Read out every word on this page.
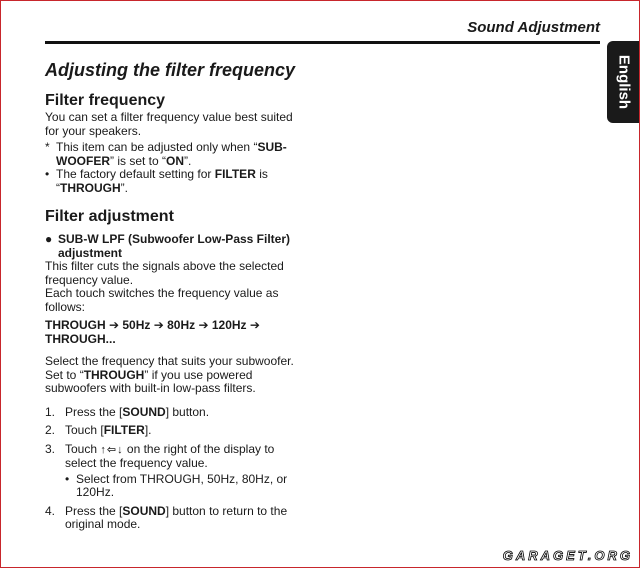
Sound Adjustment
English
Adjusting the filter frequency
Filter frequency

You can set a filter frequency value best suited for your speakers.

* This item can be adjusted only when “SUB-WOOFER” is set to “ON”.
• The factory default setting for FILTER is “THROUGH”.
Filter adjustment
● SUB-W LPF (Subwoofer Low-Pass Filter) adjustment

This filter cuts the signals above the selected frequency value.

Each touch switches the frequency value as follows:

THROUGH ➔ 50Hz ➔ 80Hz ➔ 120Hz ➔ THROUGH...

Select the frequency that suits your subwoofer.

Set to “THROUGH” if you use powered subwoofers with built-in low-pass filters.

1. Press the [SOUND] button.
2. Touch [FILTER].
3. Touch ↑⇦↓ on the right of the display to select the frequency value.
• Select from THROUGH, 50Hz, 80Hz, or 120Hz.
4. Press the [SOUND] button to return to the original mode.
GARAGET.ORG
